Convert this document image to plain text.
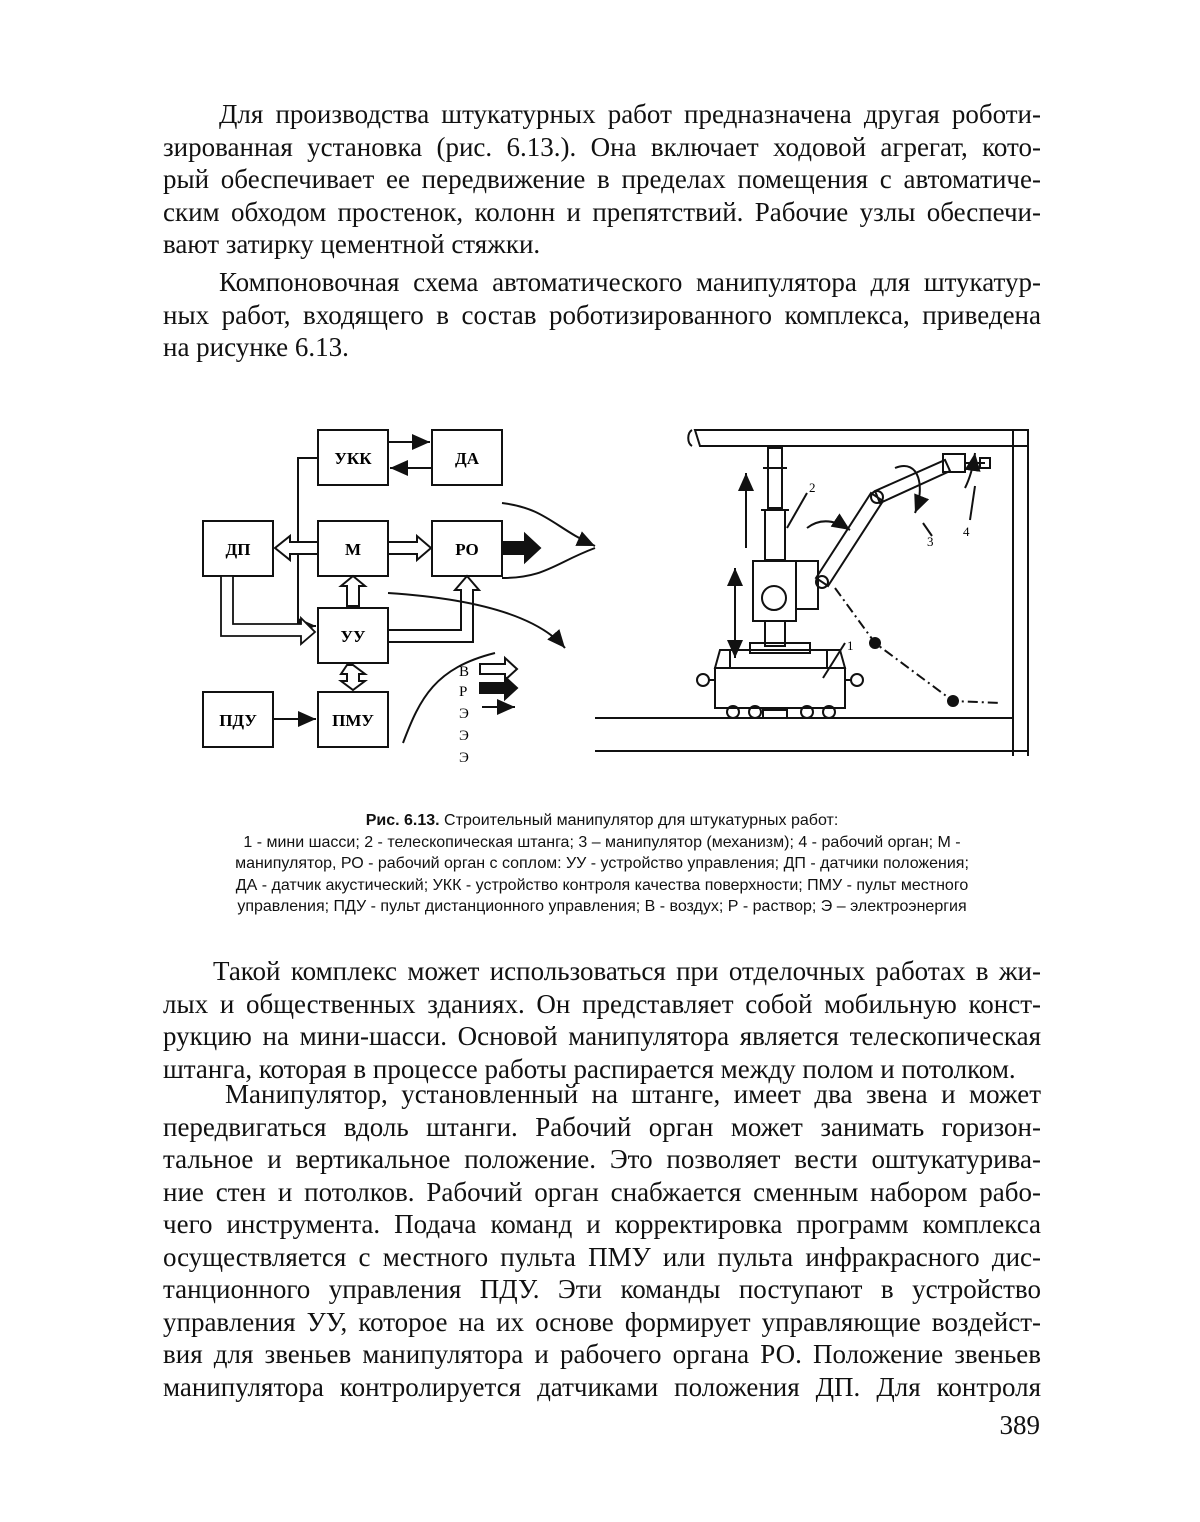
Для производства штукатурных работ предназначена другая роботи-
зированная установка (рис. 6.13.). Она включает ходовой агрегат, кото-
рый обеспечивает ее передвижение в пределах помещения с автоматиче-
ским обходом простенок, колонн и препятствий. Рабочие узлы обеспечи-
вают затирку цементной стяжки.
Компоновочная схема автоматического манипулятора для штукатур-
ных работ, входящего в состав роботизированного комплекса, приведена
на рисунке 6.13.
УКК	ДА
ДП	М	РО
УУ
ПДУ	ПМУ
В
Р
Э
Э
Э
1
2
3
4
Рис. 6.13. Строительный манипулятор для штукатурных работ:
1 - мини шасси; 2 - телескопическая штанга; 3 – манипулятор (механизм); 4 - рабочий орган; М -
манипулятор, РО - рабочий орган с соплом: УУ - устройство управления; ДП - датчики положения;
ДА - датчик акустический; УКК - устройство контроля качества поверхности; ПМУ - пульт местного
управления; ПДУ - пульт дистанционного управления; В - воздух; Р - раствор; Э – электроэнергия
Такой комплекс может использоваться при отделочных работах в жи-
лых и общественных зданиях. Он представляет собой мобильную конст-
рукцию на мини-шасси. Основой манипулятора является телескопическая
штанга, которая в процессе работы распирается между полом и потолком.
Манипулятор, установленный на штанге, имеет два звена и может
передвигаться вдоль штанги. Рабочий орган может занимать горизон-
тальное и вертикальное положение. Это позволяет вести оштукатурива-
ние стен и потолков. Рабочий орган снабжается сменным набором рабо-
чего инструмента. Подача команд и корректировка программ комплекса
осуществляется с местного пульта ПМУ или пульта инфракрасного дис-
танционного управления ПДУ. Эти команды поступают в устройство
управления УУ, которое на их основе формирует управляющие воздейст-
вия для звеньев манипулятора и рабочего органа РО. Положение звеньев
манипулятора контролируется датчиками положения ДП. Для контроля
389
